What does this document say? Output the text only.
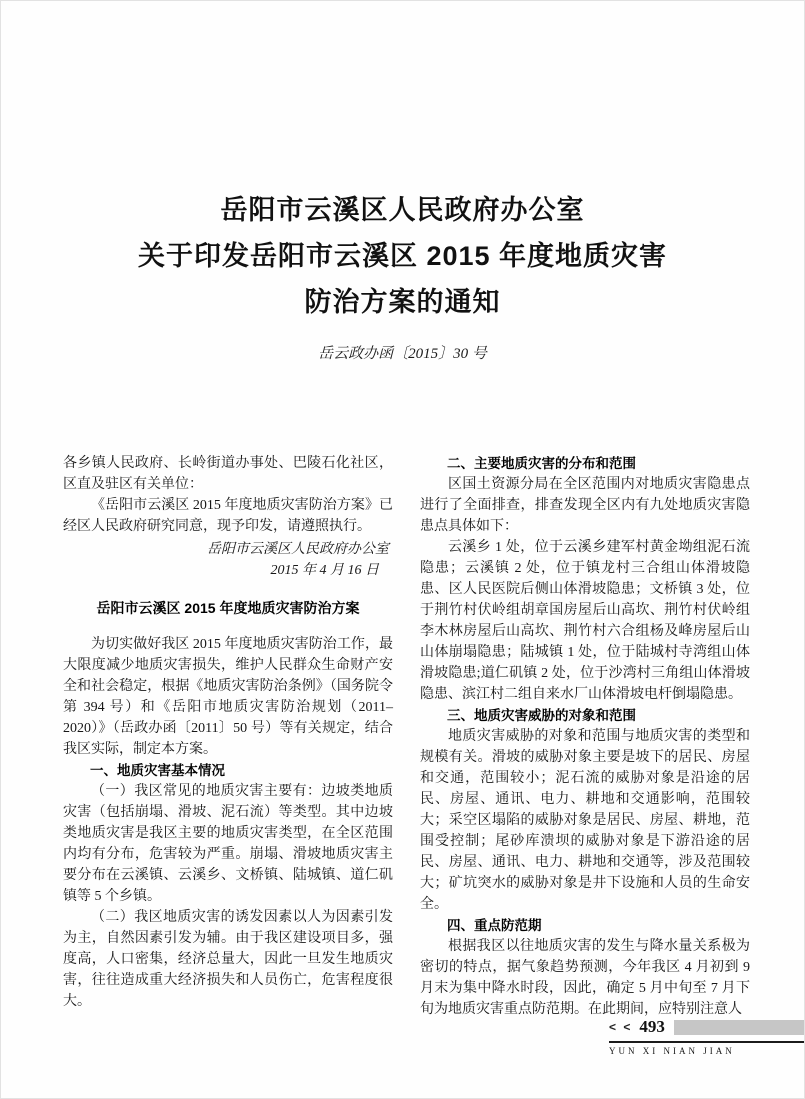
岳阳市云溪区人民政府办公室
关于印发岳阳市云溪区 2015 年度地质灾害
防治方案的通知
岳云政办函〔2015〕30 号

各乡镇人民政府、长岭街道办事处、巴陵石化社区，区直及驻区有关单位：

《岳阳市云溪区 2015 年度地质灾害防治方案》已经区人民政府研究同意，现予印发，请遵照执行。

岳阳市云溪区人民政府办公室

2015 年 4 月 16 日

岳阳市云溪区 2015 年度地质灾害防治方案

为切实做好我区 2015 年度地质灾害防治工作，最大限度减少地质灾害损失，维护人民群众生命财产安全和社会稳定，根据《地质灾害防治条例》（国务院令第 394 号）和《岳阳市地质灾害防治规划（2011–2020）》（岳政办函〔2011〕50 号）等有关规定，结合我区实际，制定本方案。

一、地质灾害基本情况

（一）我区常见的地质灾害主要有：边坡类地质灾害（包括崩塌、滑坡、泥石流）等类型。其中边坡类地质灾害是我区主要的地质灾害类型，在全区范围内均有分布，危害较为严重。崩塌、滑坡地质灾害主要分布在云溪镇、云溪乡、文桥镇、陆城镇、道仁矶镇等 5 个乡镇。

（二）我区地质灾害的诱发因素以人为因素引发为主，自然因素引发为辅。由于我区建设项目多，强度高，人口密集，经济总量大，因此一旦发生地质灾害，往往造成重大经济损失和人员伤亡，危害程度很大。

二、主要地质灾害的分布和范围

区国土资源分局在全区范围内对地质灾害隐患点进行了全面排查，排查发现全区内有九处地质灾害隐患点具体如下：

云溪乡 1 处，位于云溪乡建军村黄金坳组泥石流隐患；云溪镇 2 处，位于镇龙村三合组山体滑坡隐患、区人民医院后侧山体滑坡隐患；文桥镇 3 处，位于荆竹村伏岭组胡章国房屋后山高坎、荆竹村伏岭组李木林房屋后山高坎、荆竹村六合组杨及峰房屋后山山体崩塌隐患；陆城镇 1 处，位于陆城村寺湾组山体滑坡隐患;道仁矶镇 2 处，位于沙湾村三角组山体滑坡隐患、滨江村二组自来水厂山体滑坡电杆倒塌隐患。

三、地质灾害威胁的对象和范围

地质灾害威胁的对象和范围与地质灾害的类型和规模有关。滑坡的威胁对象主要是坡下的居民、房屋和交通，范围较小；泥石流的威胁对象是沿途的居民、房屋、通讯、电力、耕地和交通影响，范围较大；采空区塌陷的威胁对象是居民、房屋、耕地，范围受控制；尾砂库溃坝的威胁对象是下游沿途的居民、房屋、通讯、电力、耕地和交通等，涉及范围较大；矿坑突水的威胁对象是井下设施和人员的生命安全。

四、重点防范期

根据我区以往地质灾害的发生与降水量关系极为密切的特点，据气象趋势预测，今年我区 4 月初到 9 月末为集中降水时段，因此，确定 5 月中旬至 7 月下旬为地质灾害重点防范期。在此期间，应特别注意人

< < 493
YUN XI NIAN JIAN
